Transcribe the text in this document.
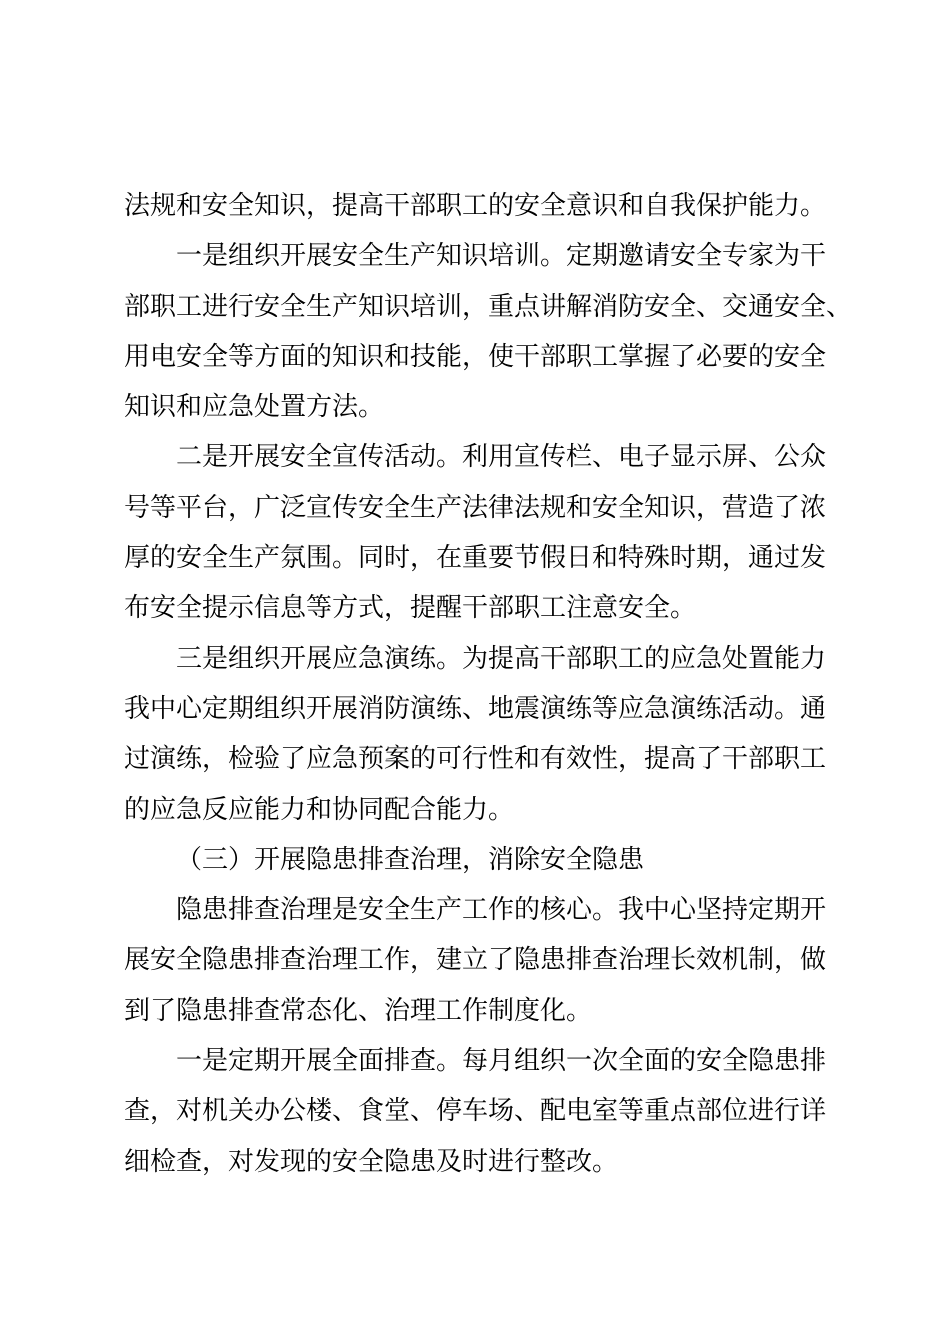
法规和安全知识，提高干部职工的安全意识和自我保护能力。
一是组织开展安全生产知识培训。定期邀请安全专家为干
部职工进行安全生产知识培训，重点讲解消防安全、交通安全、
用电安全等方面的知识和技能，使干部职工掌握了必要的安全
知识和应急处置方法。
二是开展安全宣传活动。利用宣传栏、电子显示屏、公众
号等平台，广泛宣传安全生产法律法规和安全知识，营造了浓
厚的安全生产氛围。同时，在重要节假日和特殊时期，通过发
布安全提示信息等方式，提醒干部职工注意安全。
三是组织开展应急演练。为提高干部职工的应急处置能力
我中心定期组织开展消防演练、地震演练等应急演练活动。通
过演练，检验了应急预案的可行性和有效性，提高了干部职工
的应急反应能力和协同配合能力。
（三）开展隐患排查治理，消除安全隐患
隐患排查治理是安全生产工作的核心。我中心坚持定期开
展安全隐患排查治理工作，建立了隐患排查治理长效机制，做
到了隐患排查常态化、治理工作制度化。
一是定期开展全面排查。每月组织一次全面的安全隐患排
查，对机关办公楼、食堂、停车场、配电室等重点部位进行详
细检查，对发现的安全隐患及时进行整改。
